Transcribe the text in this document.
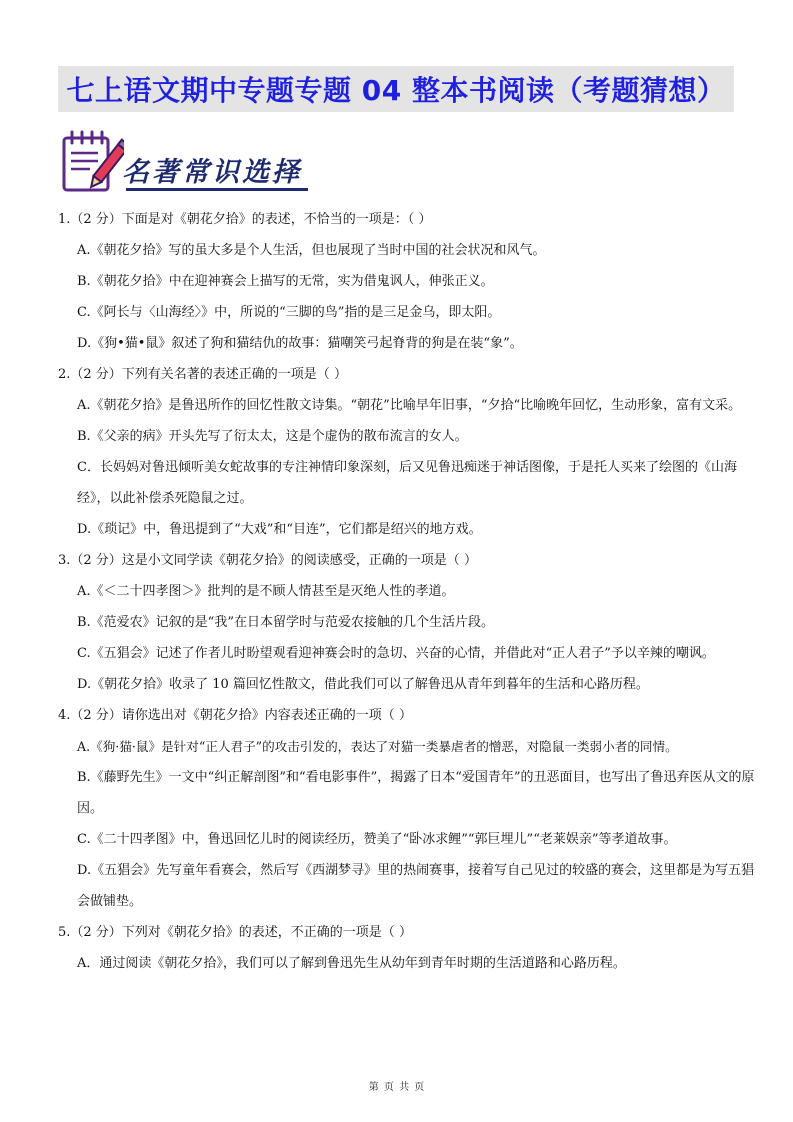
七上语文期中专题专题 04 整本书阅读（考题猜想）
名著常识选择

1.（2 分）下面是对《朝花夕拾》的表述，不恰当的一项是：（ ）

A.《朝花夕拾》写的虽大多是个人生活，但也展现了当时中国的社会状况和风气。

B.《朝花夕拾》中在迎神赛会上描写的无常，实为借鬼讽人，伸张正义。

C.《阿长与〈山海经〉》中，所说的“三脚的鸟”指的是三足金乌，即太阳。

D.《狗•猫•鼠》叙述了狗和猫结仇的故事：猫嘲笑弓起脊背的狗是在装“象”。

2.（2 分）下列有关名著的表述正确的一项是（ ）

A.《朝花夕拾》是鲁迅所作的回忆性散文诗集。“朝花”比喻早年旧事，“夕拾“比喻晚年回忆，生动形象，富有文采。

B.《父亲的病》开头先写了衍太太，这是个虚伪的散布流言的女人。

C．长妈妈对鲁迅倾听美女蛇故事的专注神情印象深刻，后又见鲁迅痴迷于神话图像，于是托人买来了绘图的《山海经》，以此补偿杀死隐鼠之过。

D.《琐记》中，鲁迅提到了“大戏”和“目连”，它们都是绍兴的地方戏。

3.（2 分）这是小文同学读《朝花夕拾》的阅读感受，正确的一项是（ ）

A.《＜二十四孝图＞》批判的是不顾人情甚至是灭绝人性的孝道。

B.《范爱农》记叙的是“我”在日本留学时与范爱农接触的几个生活片段。

C.《五猖会》记述了作者儿时盼望观看迎神赛会时的急切、兴奋的心情，并借此对“正人君子”予以辛辣的嘲讽。

D.《朝花夕拾》收录了 10 篇回忆性散文，借此我们可以了解鲁迅从青年到暮年的生活和心路历程。

4.（2 分）请你选出对《朝花夕拾》内容表述正确的一项（ ）

A.《狗·猫·鼠》是针对“正人君子”的攻击引发的，表达了对猫一类暴虐者的憎恶，对隐鼠一类弱小者的同情。

B.《藤野先生》一文中“纠正解剖图”和“看电影事件”，揭露了日本“爱国青年”的丑恶面目，也写出了鲁迅弃医从文的原因。

C.《二十四孝图》中，鲁迅回忆儿时的阅读经历，赞美了“卧冰求鲤”“郭巨埋儿”“老莱娱亲”等孝道故事。

D.《五猖会》先写童年看赛会，然后写《西湖梦寻》里的热闹赛事，接着写自己见过的较盛的赛会，这里都是为写五猖会做铺垫。

5.（2 分）下列对《朝花夕拾》的表述，不正确的一项是（ ）

A．通过阅读《朝花夕拾》，我们可以了解到鲁迅先生从幼年到青年时期的生活道路和心路历程。

第 页 共 页
